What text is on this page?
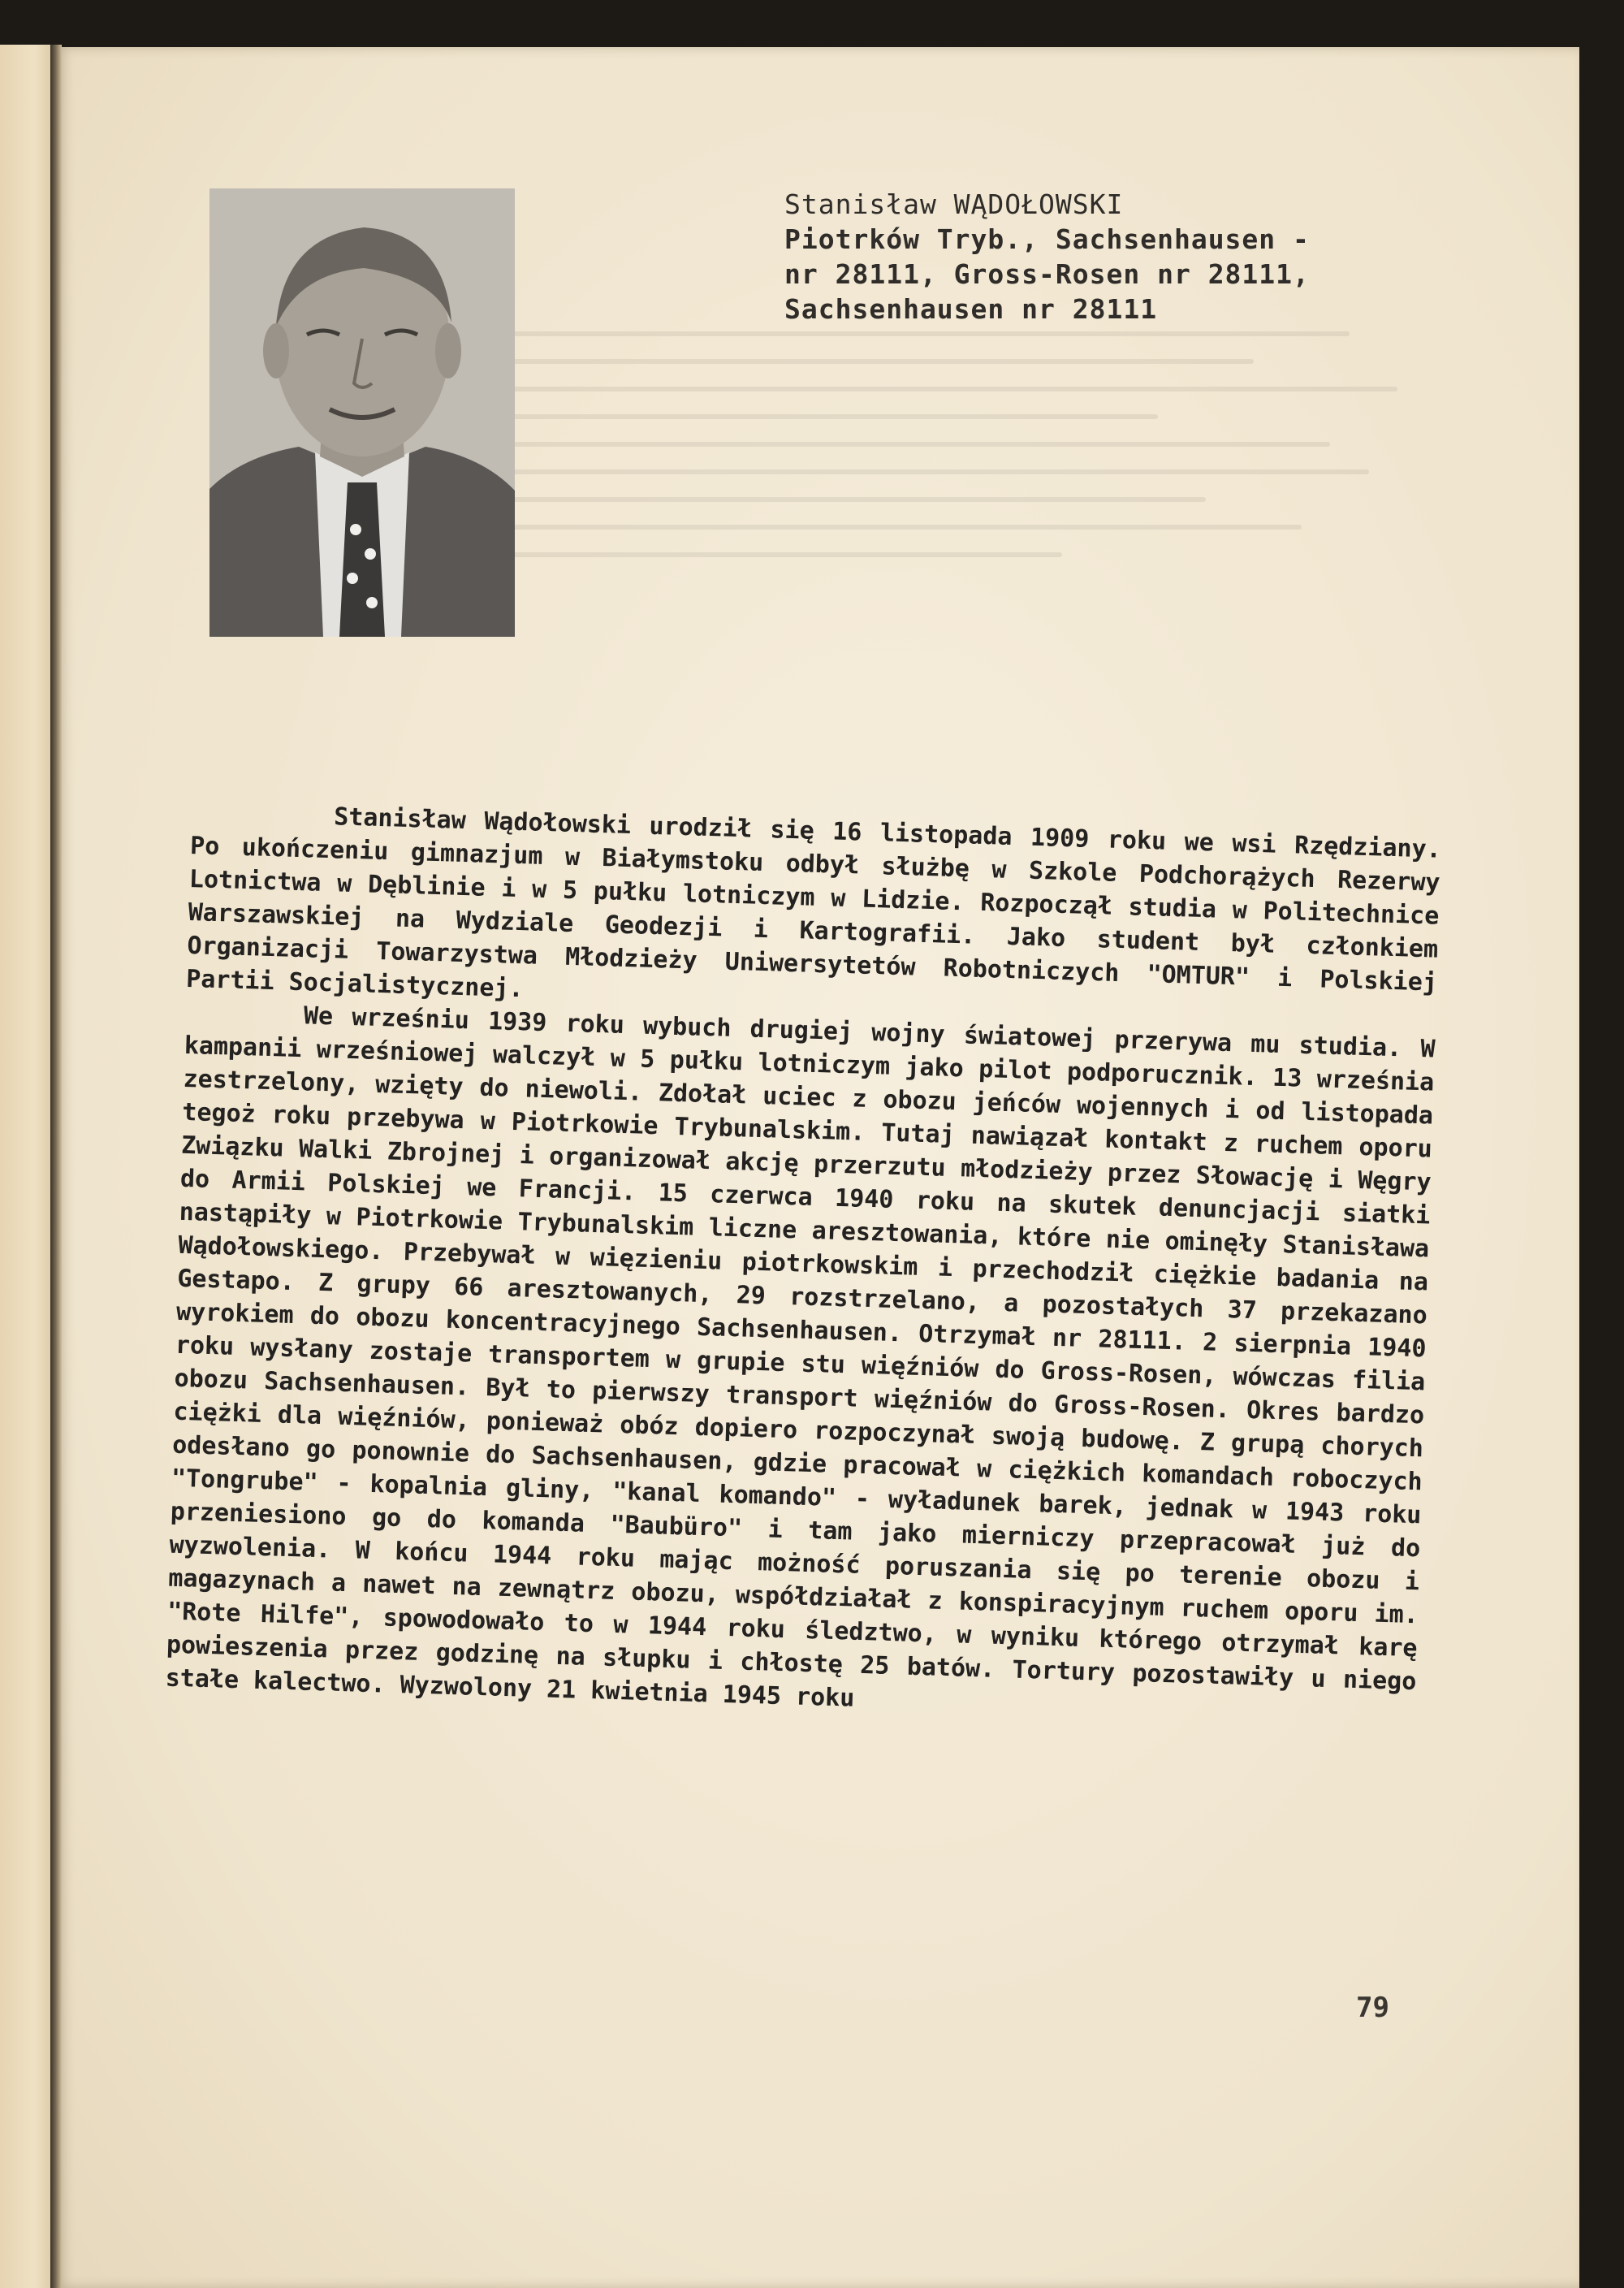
Stanisław WĄDOŁOWSKI
Piotrków Tryb., Sachsenhausen -
nr 28111, Gross-Rosen nr 28111,
Sachsenhausen nr 28111
Stanisław Wądołowski urodził się 16 listopada 1909 roku we wsi Rzędziany. Po ukończeniu gimnazjum w Białymstoku odbył służbę w Szkole Podchorążych Rezerwy Lotnictwa w Dęblinie i w 5 pułku lotniczym w Lidzie. Rozpoczął studia w Politechnice Warszawskiej na Wydziale Geodezji i Kartografii. Jako student był członkiem Organizacji Towarzystwa Młodzieży Uniwersytetów Robotniczych "OMTUR" i Polskiej Partii Socjalistycznej.
We wrześniu 1939 roku wybuch drugiej wojny światowej przerywa mu studia. W kampanii wrześniowej walczył w 5 pułku lotniczym jako pilot podporucznik. 13 września zestrzelony, wzięty do niewoli. Zdołał uciec z obozu jeńców wojennych i od listopada tegoż roku przebywa w Piotrkowie Trybunalskim. Tutaj nawiązał kontakt z ruchem oporu Związku Walki Zbrojnej i organizował akcję przerzutu młodzieży przez Słowację i Węgry do Armii Polskiej we Francji. 15 czerwca 1940 roku na skutek denuncjacji siatki nastąpiły w Piotrkowie Trybunalskim liczne aresztowania, które nie ominęły Stanisława Wądołowskiego. Przebywał w więzieniu piotrkowskim i przechodził ciężkie badania na Gestapo. Z grupy 66 aresztowanych, 29 rozstrzelano, a pozostałych 37 przekazano wyrokiem do obozu koncentracyjnego Sachsenhausen. Otrzymał nr 28111. 2 sierpnia 1940 roku wysłany zostaje transportem w grupie stu więźniów do Gross-Rosen, wówczas filia obozu Sachsenhausen. Był to pierwszy transport więźniów do Gross-Rosen. Okres bardzo ciężki dla więźniów, ponieważ obóz dopiero rozpoczynał swoją budowę. Z grupą chorych odesłano go ponownie do Sachsenhausen, gdzie pracował w ciężkich komandach roboczych "Tongrube" - kopalnia gliny, "kanal komando" - wyładunek barek, jednak w 1943 roku przeniesiono go do komanda "Baubüro" i tam jako mierniczy przepracował już do wyzwolenia. W końcu 1944 roku mając możność poruszania się po terenie obozu i magazynach a nawet na zewnątrz obozu, współdziałał z konspiracyjnym ruchem oporu im. "Rote Hilfe", spowodowało to w 1944 roku śledztwo, w wyniku którego otrzymał karę powieszenia przez godzinę na słupku i chłostę 25 batów. Tortury pozostawiły u niego stałe kalectwo. Wyzwolony 21 kwietnia 1945 roku
79
